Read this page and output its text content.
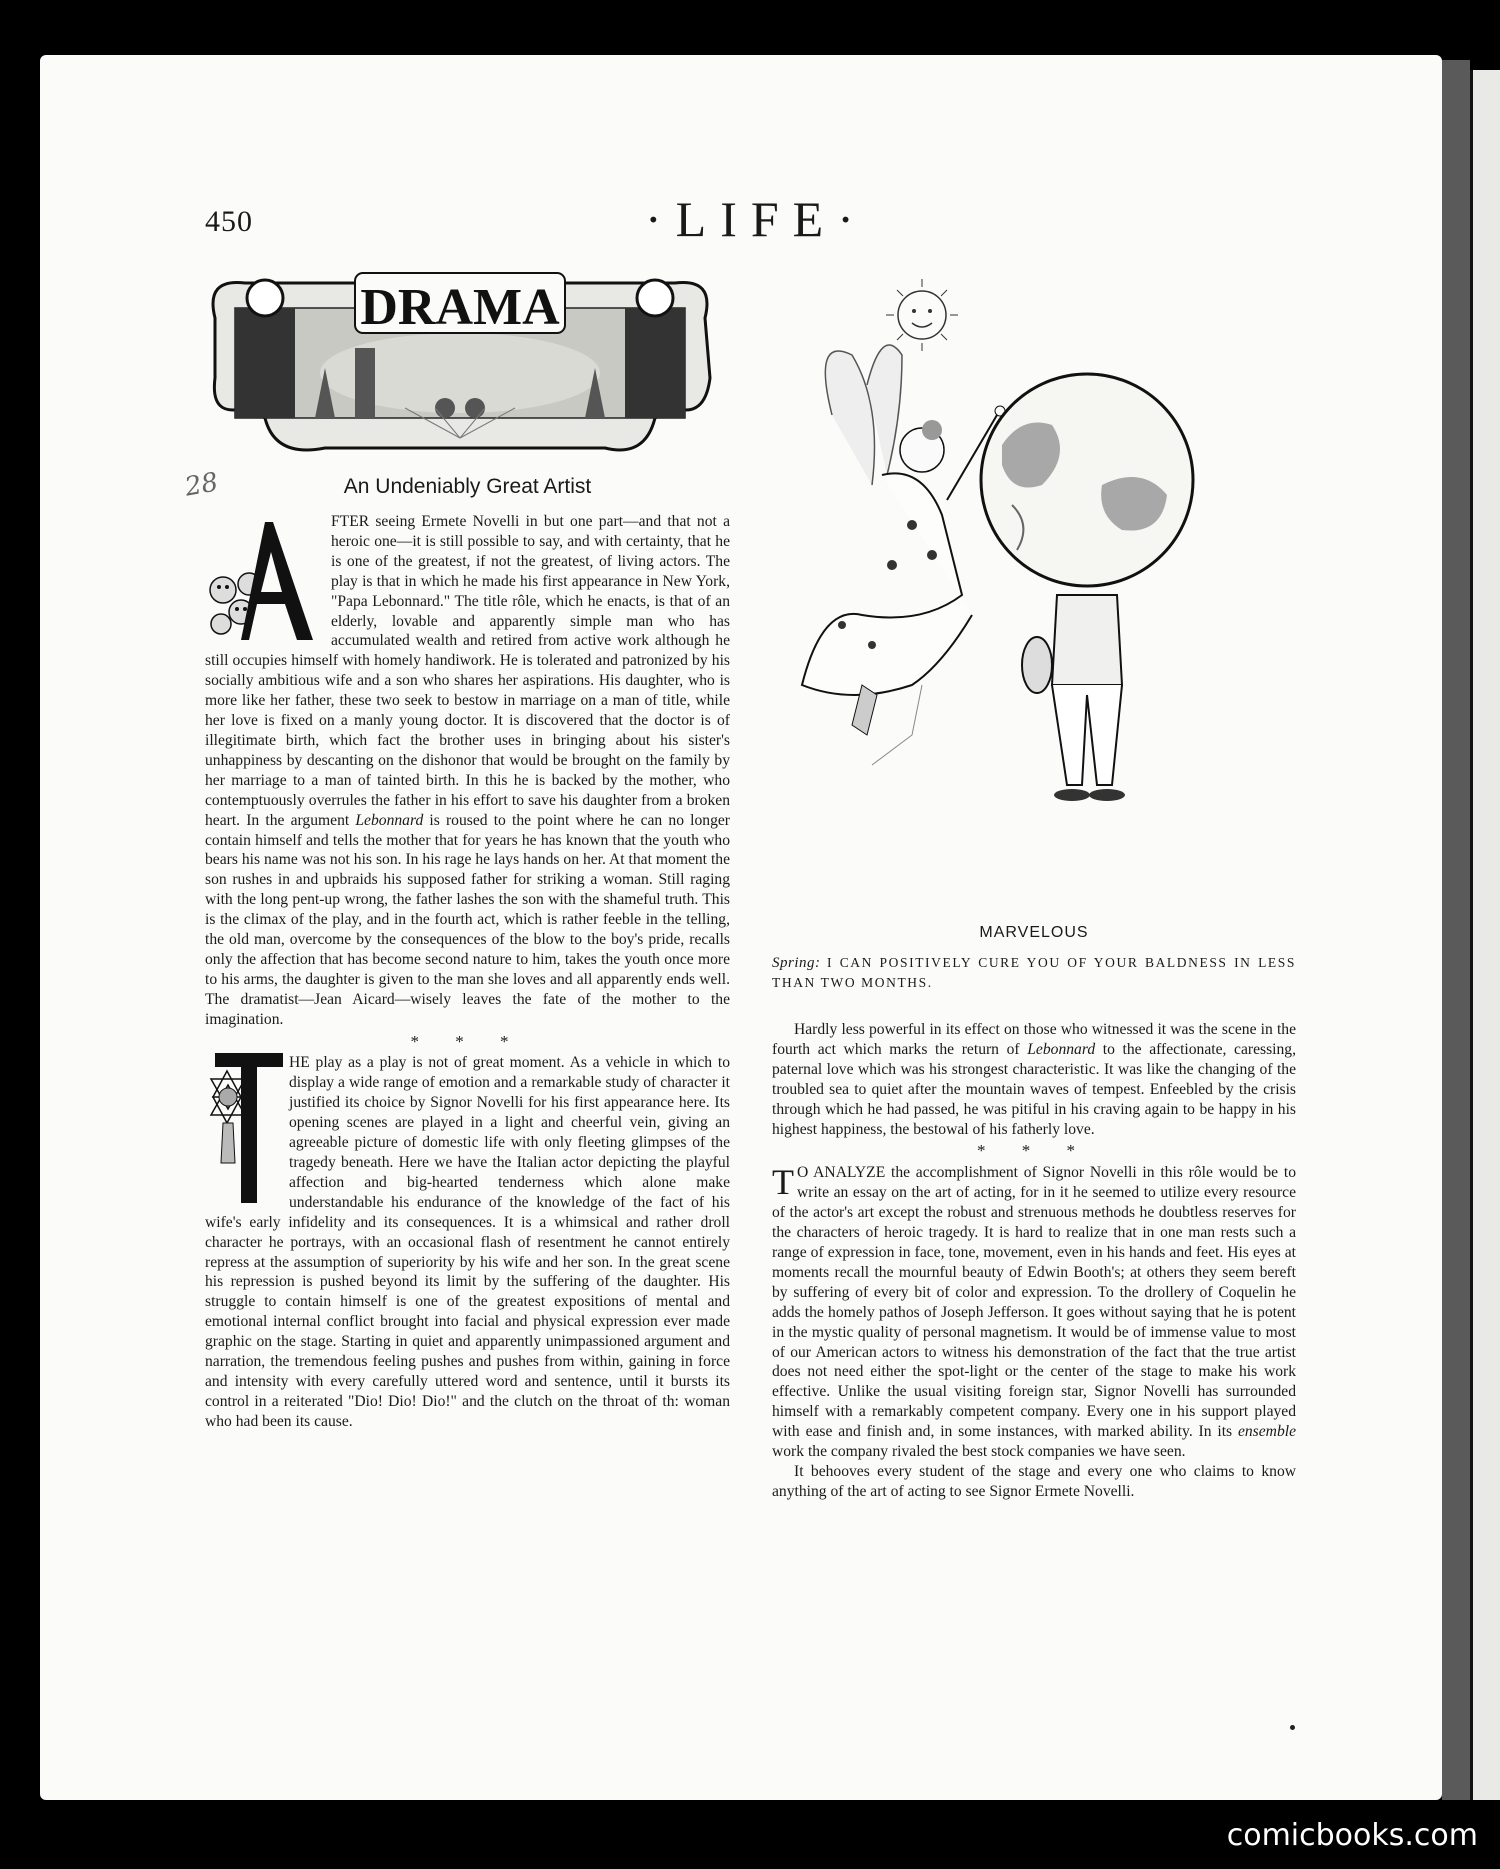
450	·LIFE·
28
DRAMA
An Undeniably Great Artist

FTER seeing Ermete Novelli in but one part—and that not a heroic one—it is still possible to say, and with certainty, that he is one of the greatest, if not the greatest, of living actors. The play is that in which he made his first appearance in New York, "Papa Lebonnard." The title rôle, which he enacts, is that of an elderly, lovable and apparently simple man who has accumulated wealth and retired from active work although he still occupies himself with homely handiwork. He is tolerated and patronized by his socially ambitious wife and a son who shares her aspirations. His daughter, who is more like her father, these two seek to bestow in marriage on a man of title, while her love is fixed on a manly young doctor. It is discovered that the doctor is of illegitimate birth, which fact the brother uses in bringing about his sister's unhappiness by descanting on the dishonor that would be brought on the family by her marriage to a man of tainted birth. In this he is backed by the mother, who contemptuously overrules the father in his effort to save his daughter from a broken heart. In the argument Lebonnard is roused to the point where he can no longer contain himself and tells the mother that for years he has known that the youth who bears his name was not his son. In his rage he lays hands on her. At that moment the son rushes in and upbraids his supposed father for striking a woman. Still raging with the long pent-up wrong, the father lashes the son with the shameful truth. This is the climax of the play, and in the fourth act, which is rather feeble in the telling, the old man, overcome by the consequences of the blow to the boy's pride, recalls only the affection that has become second nature to him, takes the youth once more to his arms, the daughter is given to the man she loves and all apparently ends well. The dramatist—Jean Aicard—wisely leaves the fate of the mother to the imagination.

* * *

HE play as a play is not of great moment. As a vehicle in which to display a wide range of emotion and a remarkable study of character it justified its choice by Signor Novelli for his first appearance here. Its opening scenes are played in a light and cheerful vein, giving an agreeable picture of domestic life with only fleeting glimpses of the tragedy beneath. Here we have the Italian actor depicting the playful affection and big-hearted tenderness which alone make understandable his endurance of the knowledge of the fact of his wife's early infidelity and its consequences. It is a whimsical and rather droll character he portrays, with an occasional flash of resentment he cannot entirely repress at the assumption of superiority by his wife and her son. In the great scene his repression is pushed beyond its limit by the suffering of the daughter. His struggle to contain himself is one of the greatest expositions of mental and emotional internal conflict brought into facial and physical expression ever made graphic on the stage. Starting in quiet and apparently unimpassioned argument and narration, the tremendous feeling pushes and pushes from within, gaining in force and intensity with every carefully uttered word and sentence, until it bursts its control in a reiterated "Dio! Dio! Dio!" and the clutch on the throat of th: woman who had been its cause.

MARVELOUS
Spring: I CAN POSITIVELY CURE YOU OF YOUR BALDNESS IN LESS THAN TWO MONTHS.

Hardly less powerful in its effect on those who witnessed it was the scene in the fourth act which marks the return of Lebonnard to the affectionate, caressing, paternal love which was his strongest characteristic. It was like the changing of the troubled sea to quiet after the mountain waves of tempest. Enfeebled by the crisis through which he had passed, he was pitiful in his craving again to be happy in his highest happiness, the bestowal of his fatherly love.

* * *

T O ANALYZE the accomplishment of Signor Novelli in this rôle would be to write an essay on the art of acting, for in it he seemed to utilize every resource of the actor's art except the robust and strenuous methods he doubtless reserves for the characters of heroic tragedy. It is hard to realize that in one man rests such a range of expression in face, tone, movement, even in his hands and feet. His eyes at moments recall the mournful beauty of Edwin Booth's; at others they seem bereft by suffering of every bit of color and expression. To the drollery of Coquelin he adds the homely pathos of Joseph Jefferson. It goes without saying that he is potent in the mystic quality of personal magnetism. It would be of immense value to most of our American actors to witness his demonstration of the fact that the true artist does not need either the spot-light or the center of the stage to make his work effective. Unlike the usual visiting foreign star, Signor Novelli has surrounded himself with a remarkably competent company. Every one in his support played with ease and finish and, in some instances, with marked ability. In its ensemble work the company rivaled the best stock companies we have seen.

It behooves every student of the stage and every one who claims to know anything of the art of acting to see Signor Ermete Novelli.

comicbooks.com
